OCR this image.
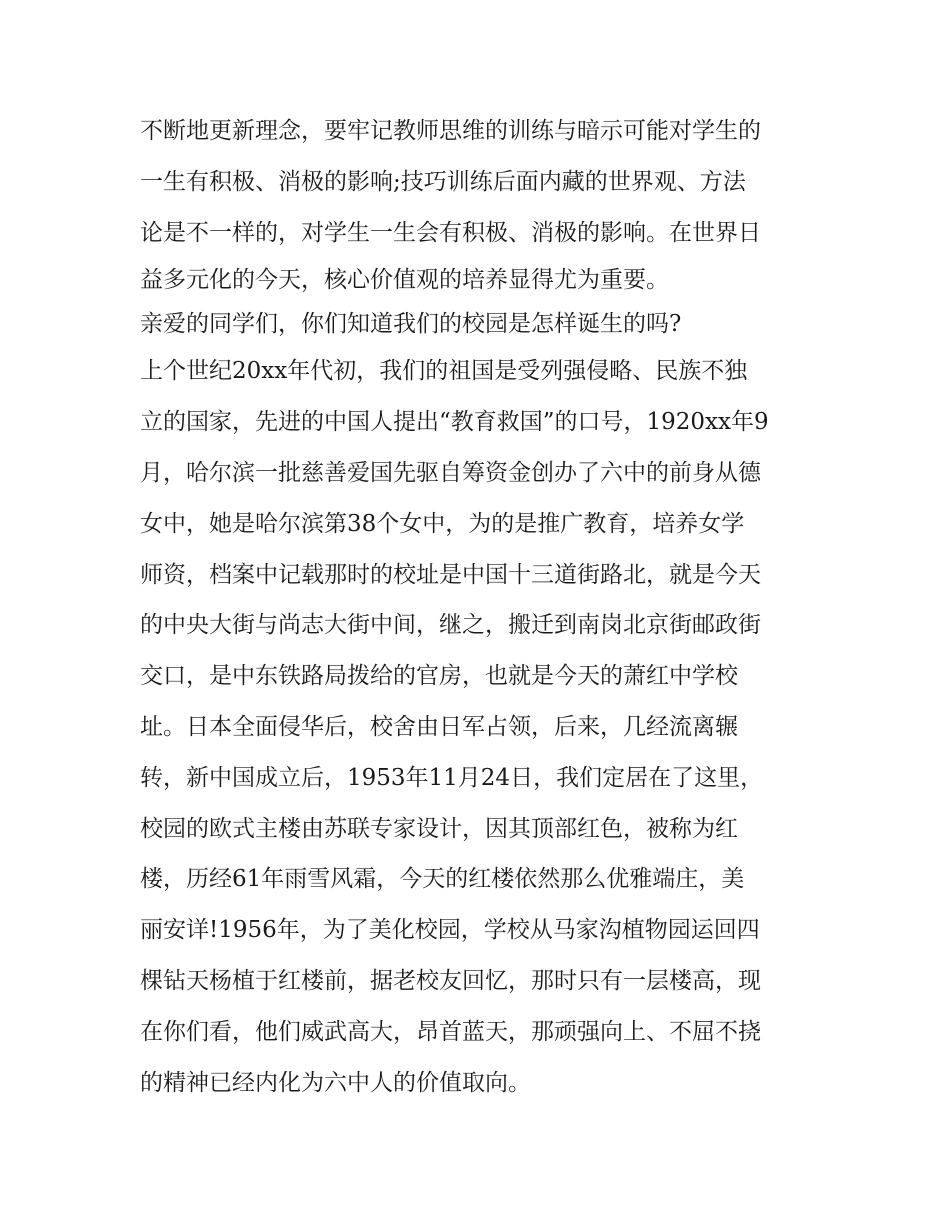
不断地更新理念，要牢记教师思维的训练与暗示可能对学生的
一生有积极、消极的影响;技巧训练后面内藏的世界观、方法
论是不一样的，对学生一生会有积极、消极的影响。在世界日
益多元化的今天，核心价值观的培养显得尤为重要。
亲爱的同学们，你们知道我们的校园是怎样诞生的吗?
上个世纪20xx年代初，我们的祖国是受列强侵略、民族不独
立的国家，先进的中国人提出“教育救国”的口号，1920xx年9
月，哈尔滨一批慈善爱国先驱自筹资金创办了六中的前身从德
女中，她是哈尔滨第38个女中，为的是推广教育，培养女学
师资，档案中记载那时的校址是中国十三道街路北，就是今天
的中央大街与尚志大街中间，继之，搬迁到南岗北京街邮政街
交口，是中东铁路局拨给的官房，也就是今天的萧红中学校
址。日本全面侵华后，校舍由日军占领，后来，几经流离辗
转，新中国成立后，1953年11月24日，我们定居在了这里，
校园的欧式主楼由苏联专家设计，因其顶部红色，被称为红
楼，历经61年雨雪风霜，今天的红楼依然那么优雅端庄，美
丽安详!1956年，为了美化校园，学校从马家沟植物园运回四
棵钻天杨植于红楼前，据老校友回忆，那时只有一层楼高，现
在你们看，他们威武高大，昂首蓝天，那顽强向上、不屈不挠
的精神已经内化为六中人的价值取向。
